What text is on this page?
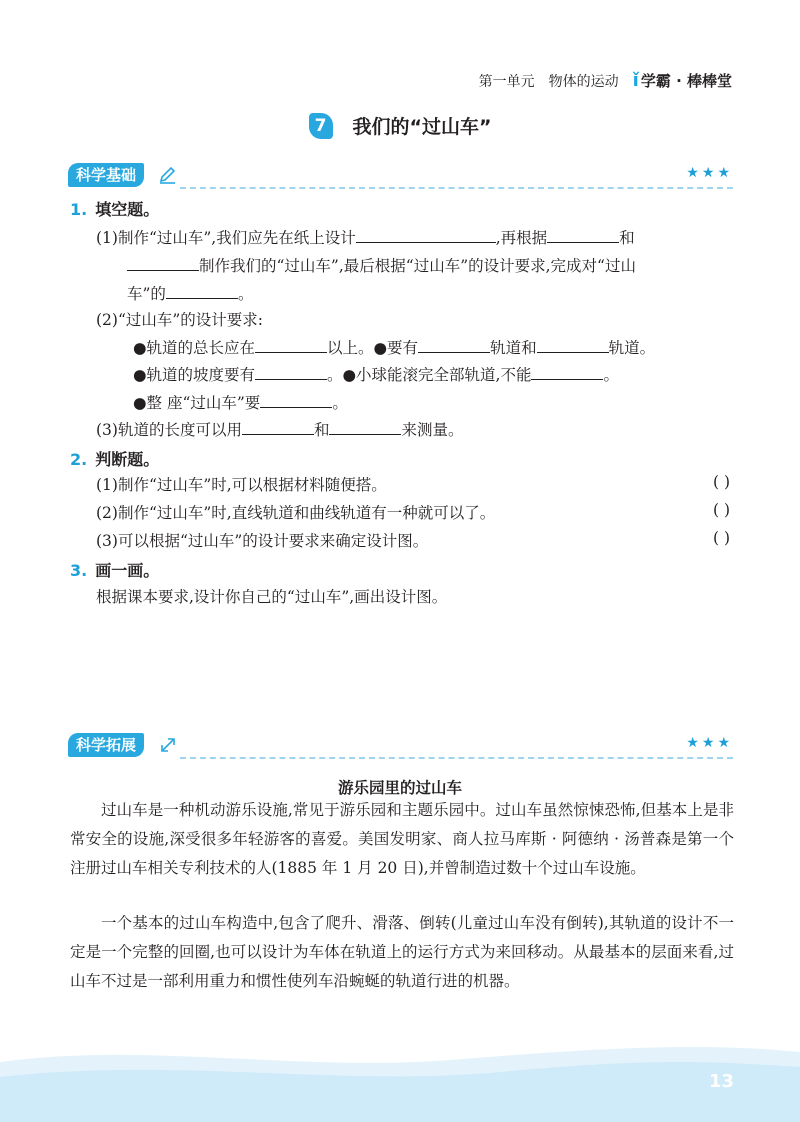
第一单元 物体的运动 ǐ 学霸 · 棒棒堂
7	我们的“过山车”
科学基础	★★★
1. 填空题。
(1)制作“过山车”,我们应先在纸上设计	,再根据	和
制作我们的“过山车”,最后根据“过山车”的设计要求,完成对“过山
车”的	。
(2)“过山车”的设计要求:
●轨道的总长应在	以上。●要有	轨道和	轨道。
●轨道的坡度要有	。●小球能滚完全部轨道,不能	。
●整 座“过山车”要	。
(3)轨道的长度可以用	和	来测量。
2. 判断题。
(1)制作“过山车”时,可以根据材料随便搭。	( )
(2)制作“过山车”时,直线轨道和曲线轨道有一种就可以了。	( )
(3)可以根据“过山车”的设计要求来确定设计图。	( )
3. 画一画。
根据课本要求,设计你自己的“过山车”,画出设计图。
科学拓展	★★★
游乐园里的过山车
过山车是一种机动游乐设施,常见于游乐园和主题乐园中。过山车虽然惊悚恐怖,但基本上是非常安全的设施,深受很多年轻游客的喜爱。美国发明家、商人拉马库斯 · 阿德纳 · 汤普森是第一个注册过山车相关专利技术的人(1885 年 1 月 20 日),并曾制造过数十个过山车设施。
一个基本的过山车构造中,包含了爬升、滑落、倒转(儿童过山车没有倒转),其轨道的设计不一定是一个完整的回圈,也可以设计为车体在轨道上的运行方式为来回移动。从最基本的层面来看,过山车不过是一部利用重力和惯性使列车沿蜿蜒的轨道行进的机器。
13
